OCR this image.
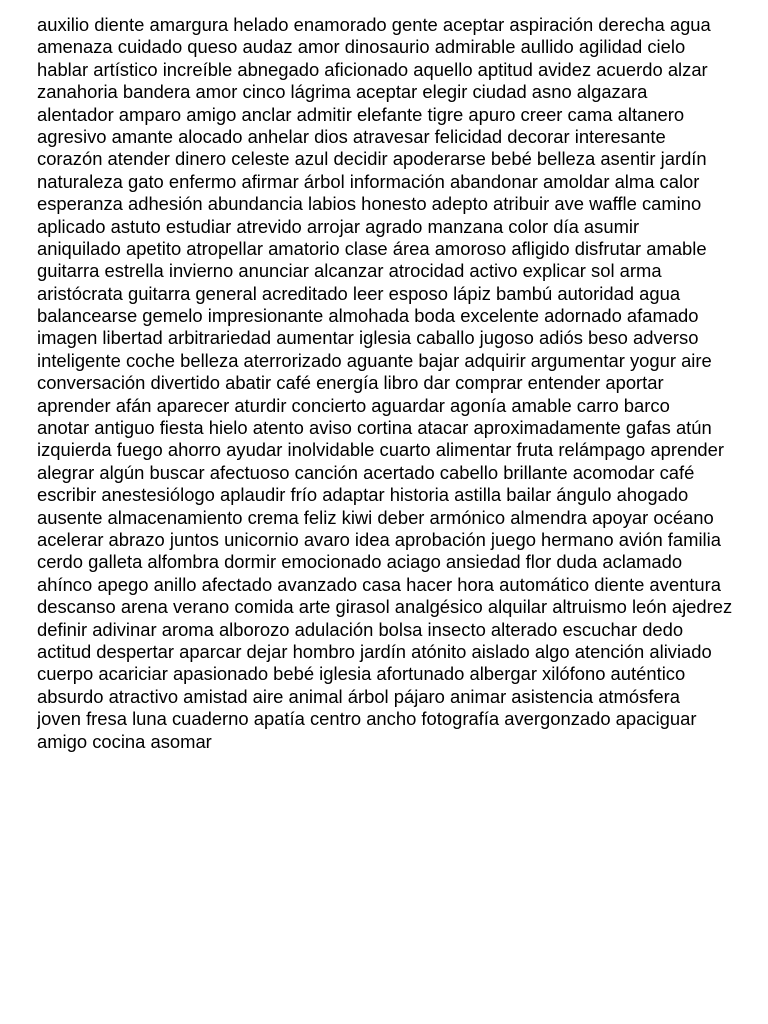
auxilio diente amargura helado enamorado gente aceptar aspiración derecha agua
amenaza cuidado queso audaz amor dinosaurio admirable aullido agilidad cielo
hablar artístico increíble abnegado aficionado aquello aptitud avidez acuerdo alzar
zanahoria bandera amor cinco lágrima aceptar elegir ciudad asno algazara
alentador amparo amigo anclar admitir elefante tigre apuro creer cama altanero
agresivo amante alocado anhelar dios atravesar felicidad decorar interesante
corazón atender dinero celeste azul decidir apoderarse bebé belleza asentir jardín
naturaleza gato enfermo afirmar árbol información abandonar amoldar alma calor
esperanza adhesión abundancia labios honesto adepto atribuir ave waffle camino
aplicado astuto estudiar atrevido arrojar agrado manzana color día asumir
aniquilado apetito atropellar amatorio clase área amoroso afligido disfrutar amable
guitarra estrella invierno anunciar alcanzar atrocidad activo explicar sol arma
aristócrata guitarra general acreditado leer esposo lápiz bambú autoridad agua
balancearse gemelo impresionante almohada boda excelente adornado afamado
imagen libertad arbitrariedad aumentar iglesia caballo jugoso adiós beso adverso
inteligente coche belleza aterrorizado aguante bajar adquirir argumentar yogur aire
conversación divertido abatir café energía libro dar comprar entender aportar
aprender afán aparecer aturdir concierto aguardar agonía amable carro barco
anotar antiguo fiesta hielo atento aviso cortina atacar aproximadamente gafas atún
izquierda fuego ahorro ayudar inolvidable cuarto alimentar fruta relámpago aprender
alegrar algún buscar afectuoso canción acertado cabello brillante acomodar café
escribir anestesiólogo aplaudir frío adaptar historia astilla bailar ángulo ahogado
ausente almacenamiento crema feliz kiwi deber armónico almendra apoyar océano
acelerar abrazo juntos unicornio avaro idea aprobación juego hermano avión familia
cerdo galleta alfombra dormir emocionado aciago ansiedad flor duda aclamado
ahínco apego anillo afectado avanzado casa hacer hora automático diente aventura
descanso arena verano comida arte girasol analgésico alquilar altruismo león ajedrez
definir adivinar aroma alborozo adulación bolsa insecto alterado escuchar dedo
actitud despertar aparcar dejar hombro jardín atónito aislado algo atención aliviado
cuerpo acariciar apasionado bebé iglesia afortunado albergar xilófono auténtico
absurdo atractivo amistad aire animal árbol pájaro animar asistencia atmósfera
joven fresa luna cuaderno apatía centro ancho fotografía avergonzado apaciguar
amigo cocina asomar
